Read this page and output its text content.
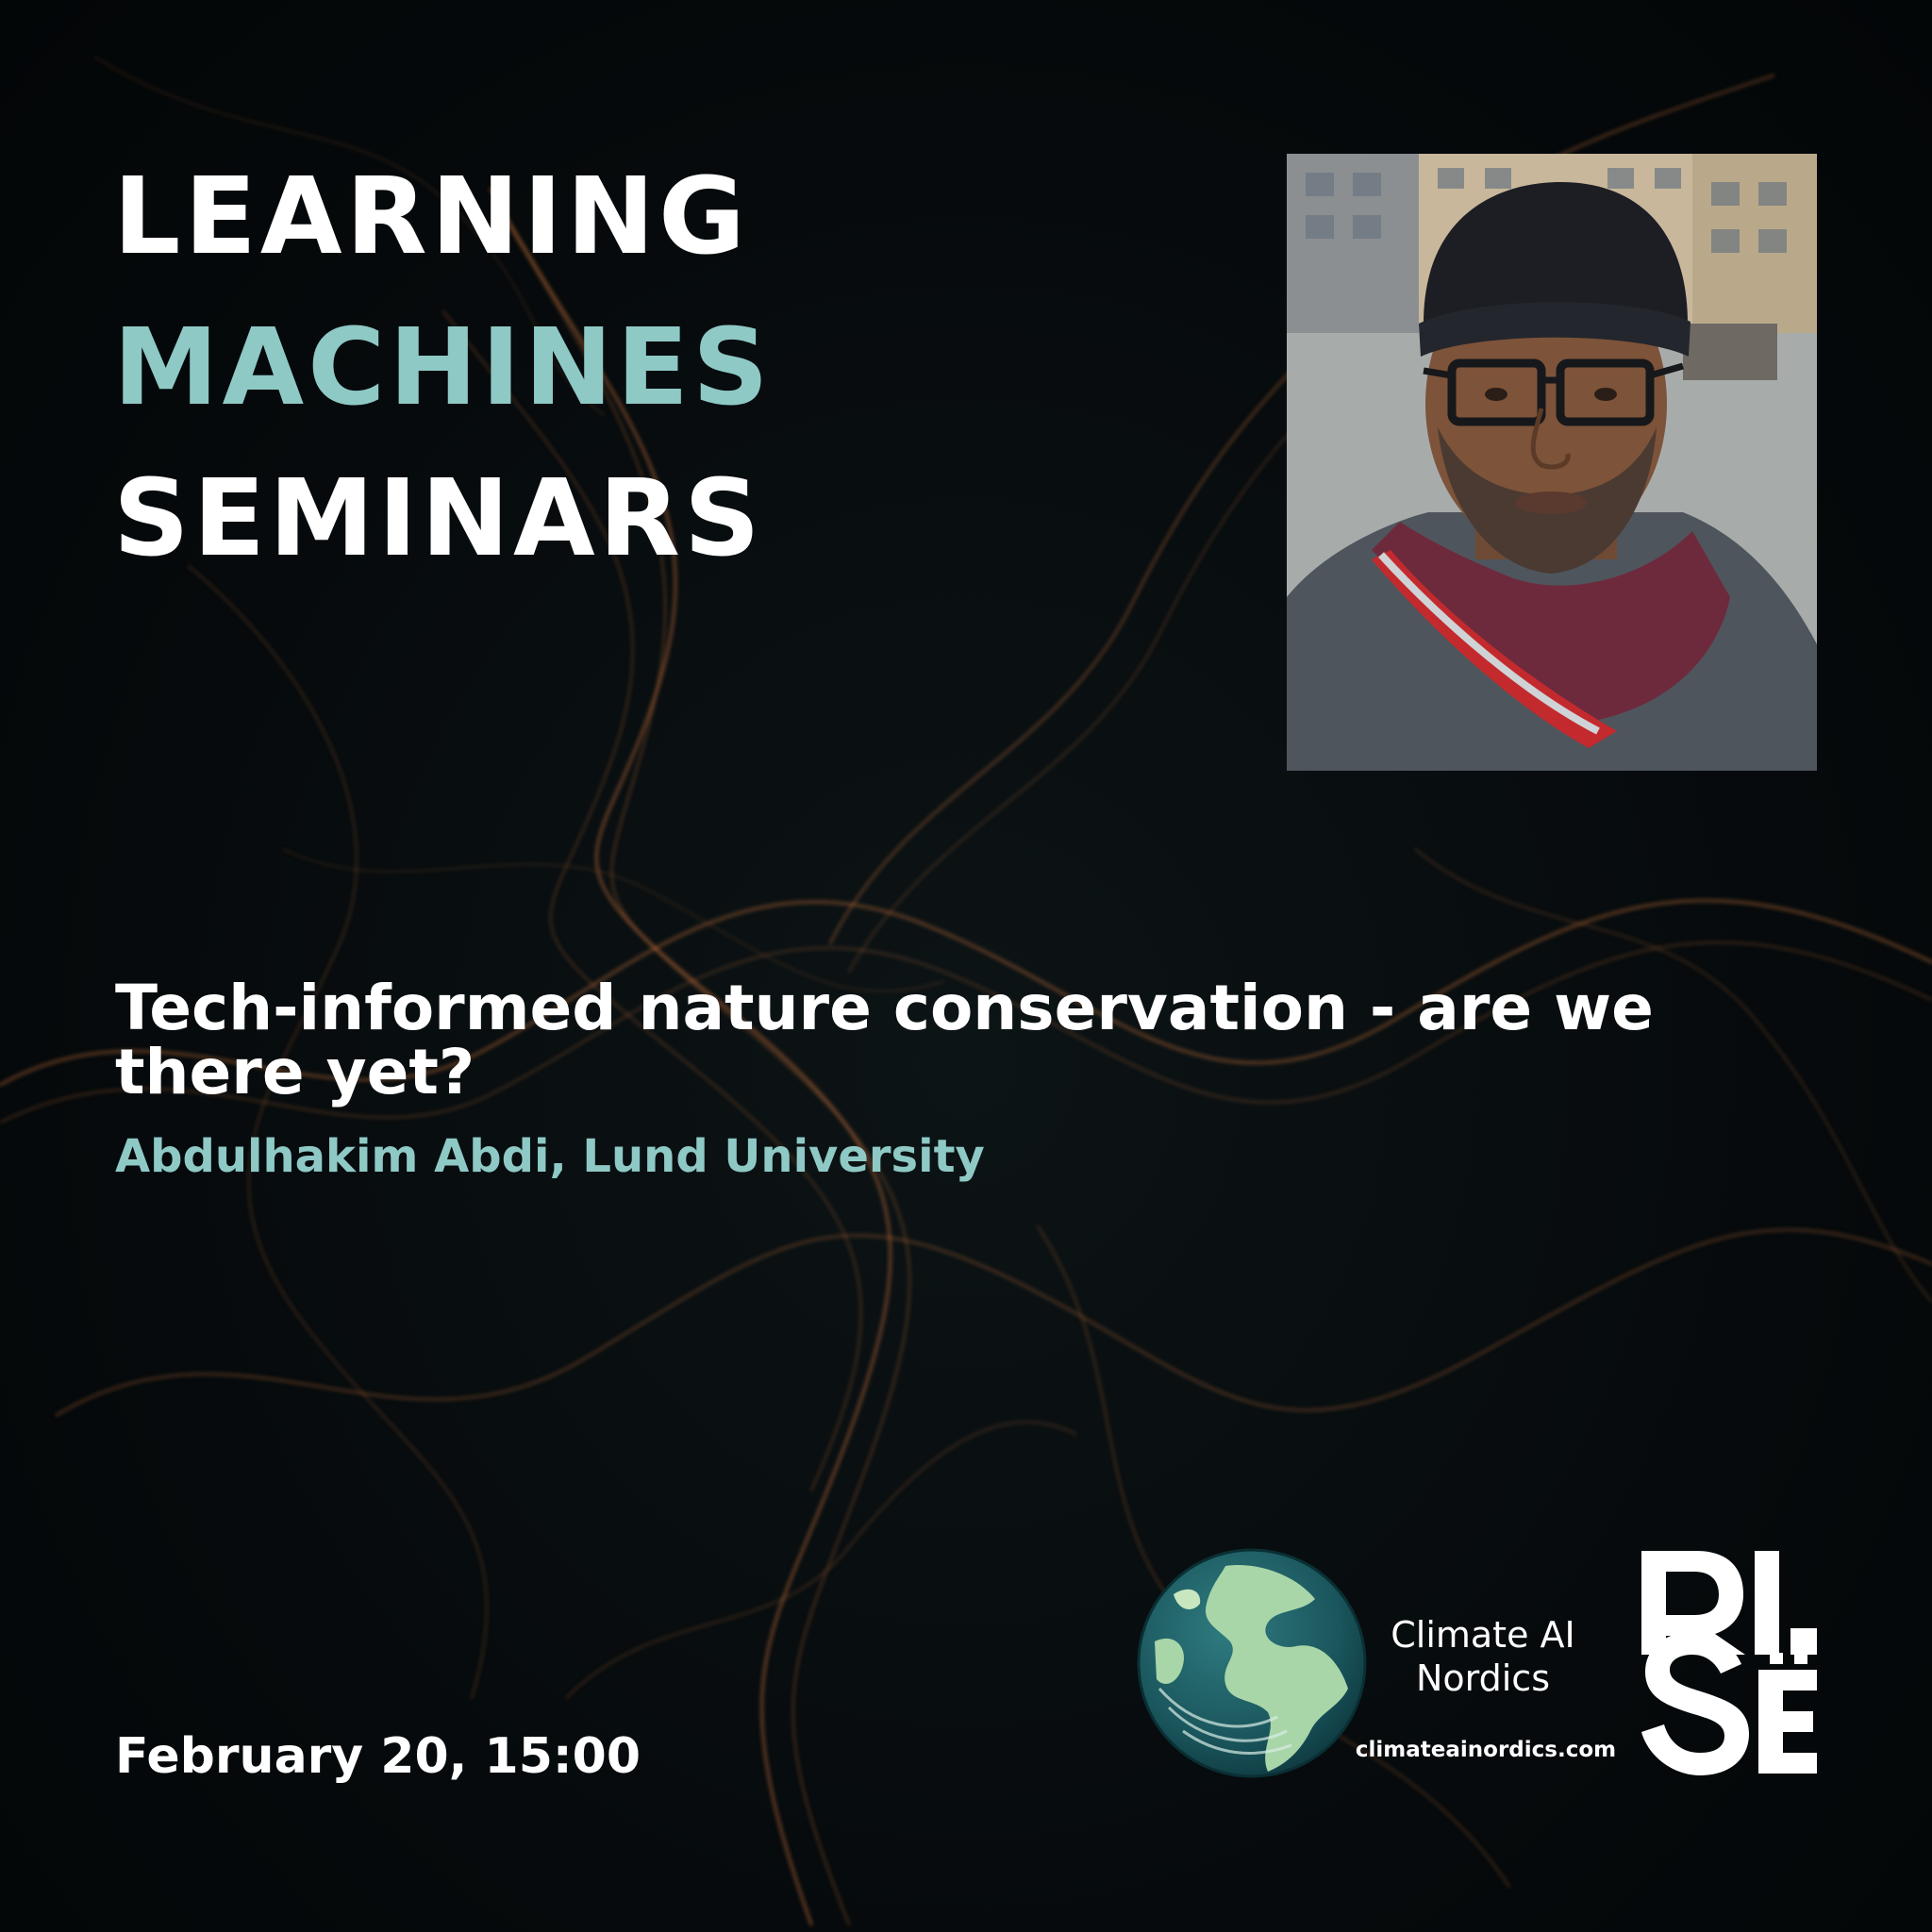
LEARNING
MACHINES
SEMINARS
Tech-informed nature conservation - are we there yet?
Abdulhakim Abdi, Lund University
February 20, 15:00
Climate AI
Nordics
climateainordics.com
